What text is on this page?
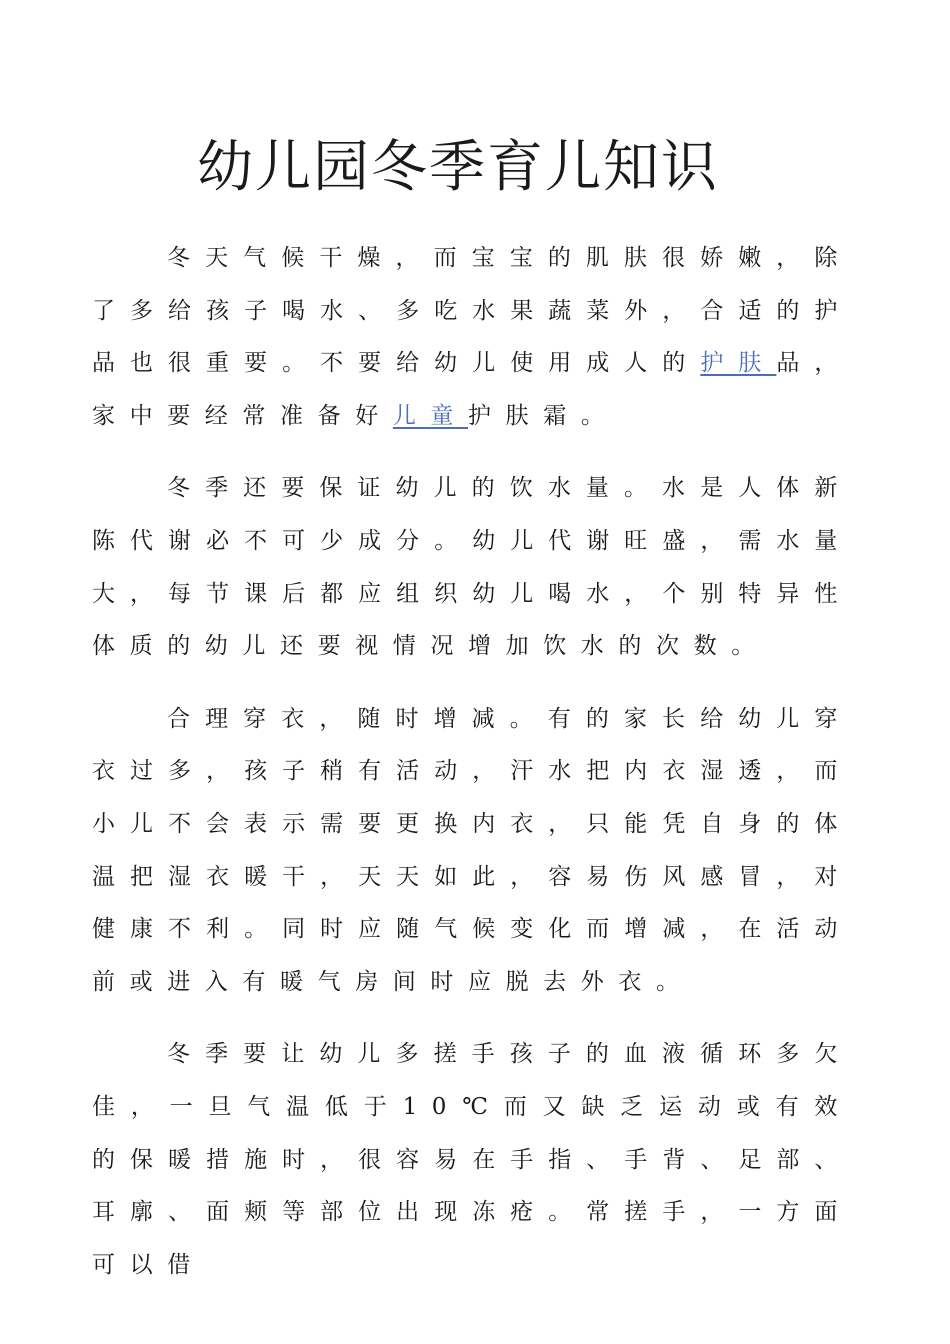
幼儿园冬季育儿知识

冬天气候干燥，而宝宝的肌肤很娇嫩，除了多给孩子喝水、多吃水果蔬菜外，合适的护品也很重要。不要给幼儿使用成人的护肤品，家中要经常准备好儿童护肤霜。

冬季还要保证幼儿的饮水量。水是人体新陈代谢必不可少成分。幼儿代谢旺盛，需水量大，每节课后都应组织幼儿喝水，个别特异性体质的幼儿还要视情况增加饮水的次数。

合理穿衣，随时增减。有的家长给幼儿穿衣过多，孩子稍有活动，汗水把内衣湿透，而小儿不会表示需要更换内衣，只能凭自身的体温把湿衣暖干，天天如此，容易伤风感冒，对健康不利。同时应随气候变化而增减，在活动前或进入有暖气房间时应脱去外衣。

冬季要让幼儿多搓手孩子的血液循环多欠佳，一旦气温低于10℃而又缺乏运动或有效的保暖措施时，很容易在手指、手背、足部、耳廓、面颊等部位出现冻疮。常搓手，一方面可以借
